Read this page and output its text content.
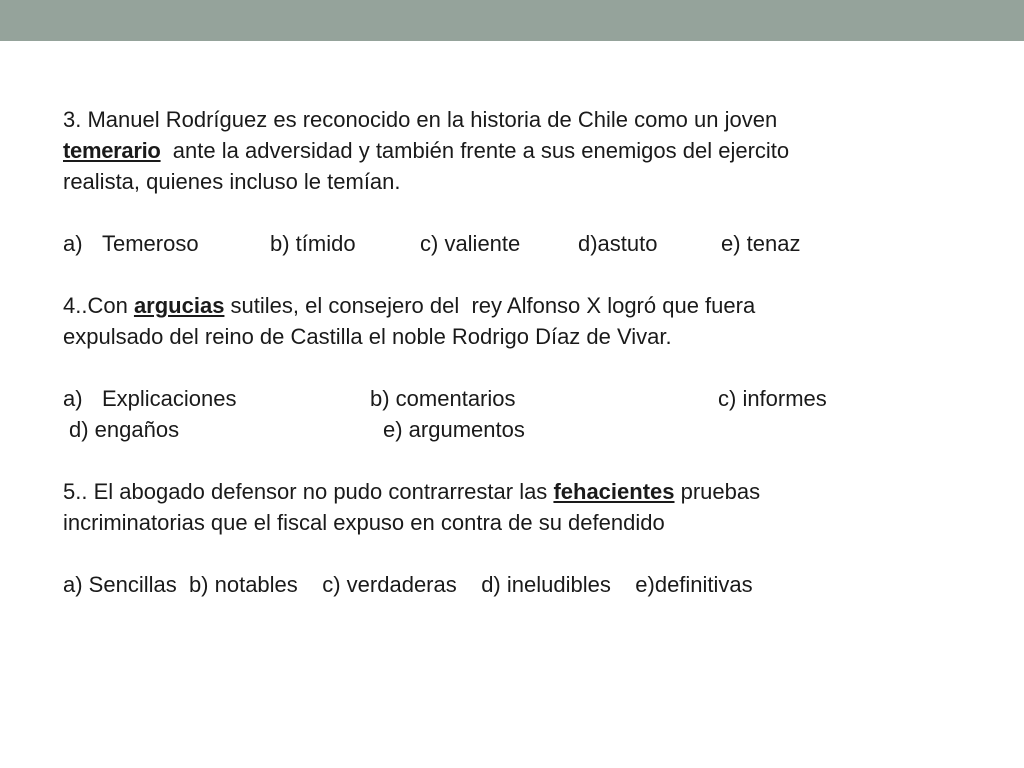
3. Manuel Rodríguez es reconocido en la historia de Chile como un joven
temerario  ante la adversidad y también frente a sus enemigos del ejercito
realista, quienes incluso le temían.

a)

Temeroso

	b) tímido

	c) valiente

	d)astuto

	e) tenaz

4..Con argucias sutiles, el consejero del  rey Alfonso X logró que fuera
expulsado del reino de Castilla el noble Rodrigo Díaz de Vivar.

a)

Explicaciones

	b) comentarios

	c) informes

d) engaños

	e) argumentos

5.. El abogado defensor no pudo contrarrestar las fehacientes pruebas
incriminatorias que el fiscal expuso en contra de su defendido
a) Sencillas  b) notables    c) verdaderas    d) ineludibles    e)definitivas
